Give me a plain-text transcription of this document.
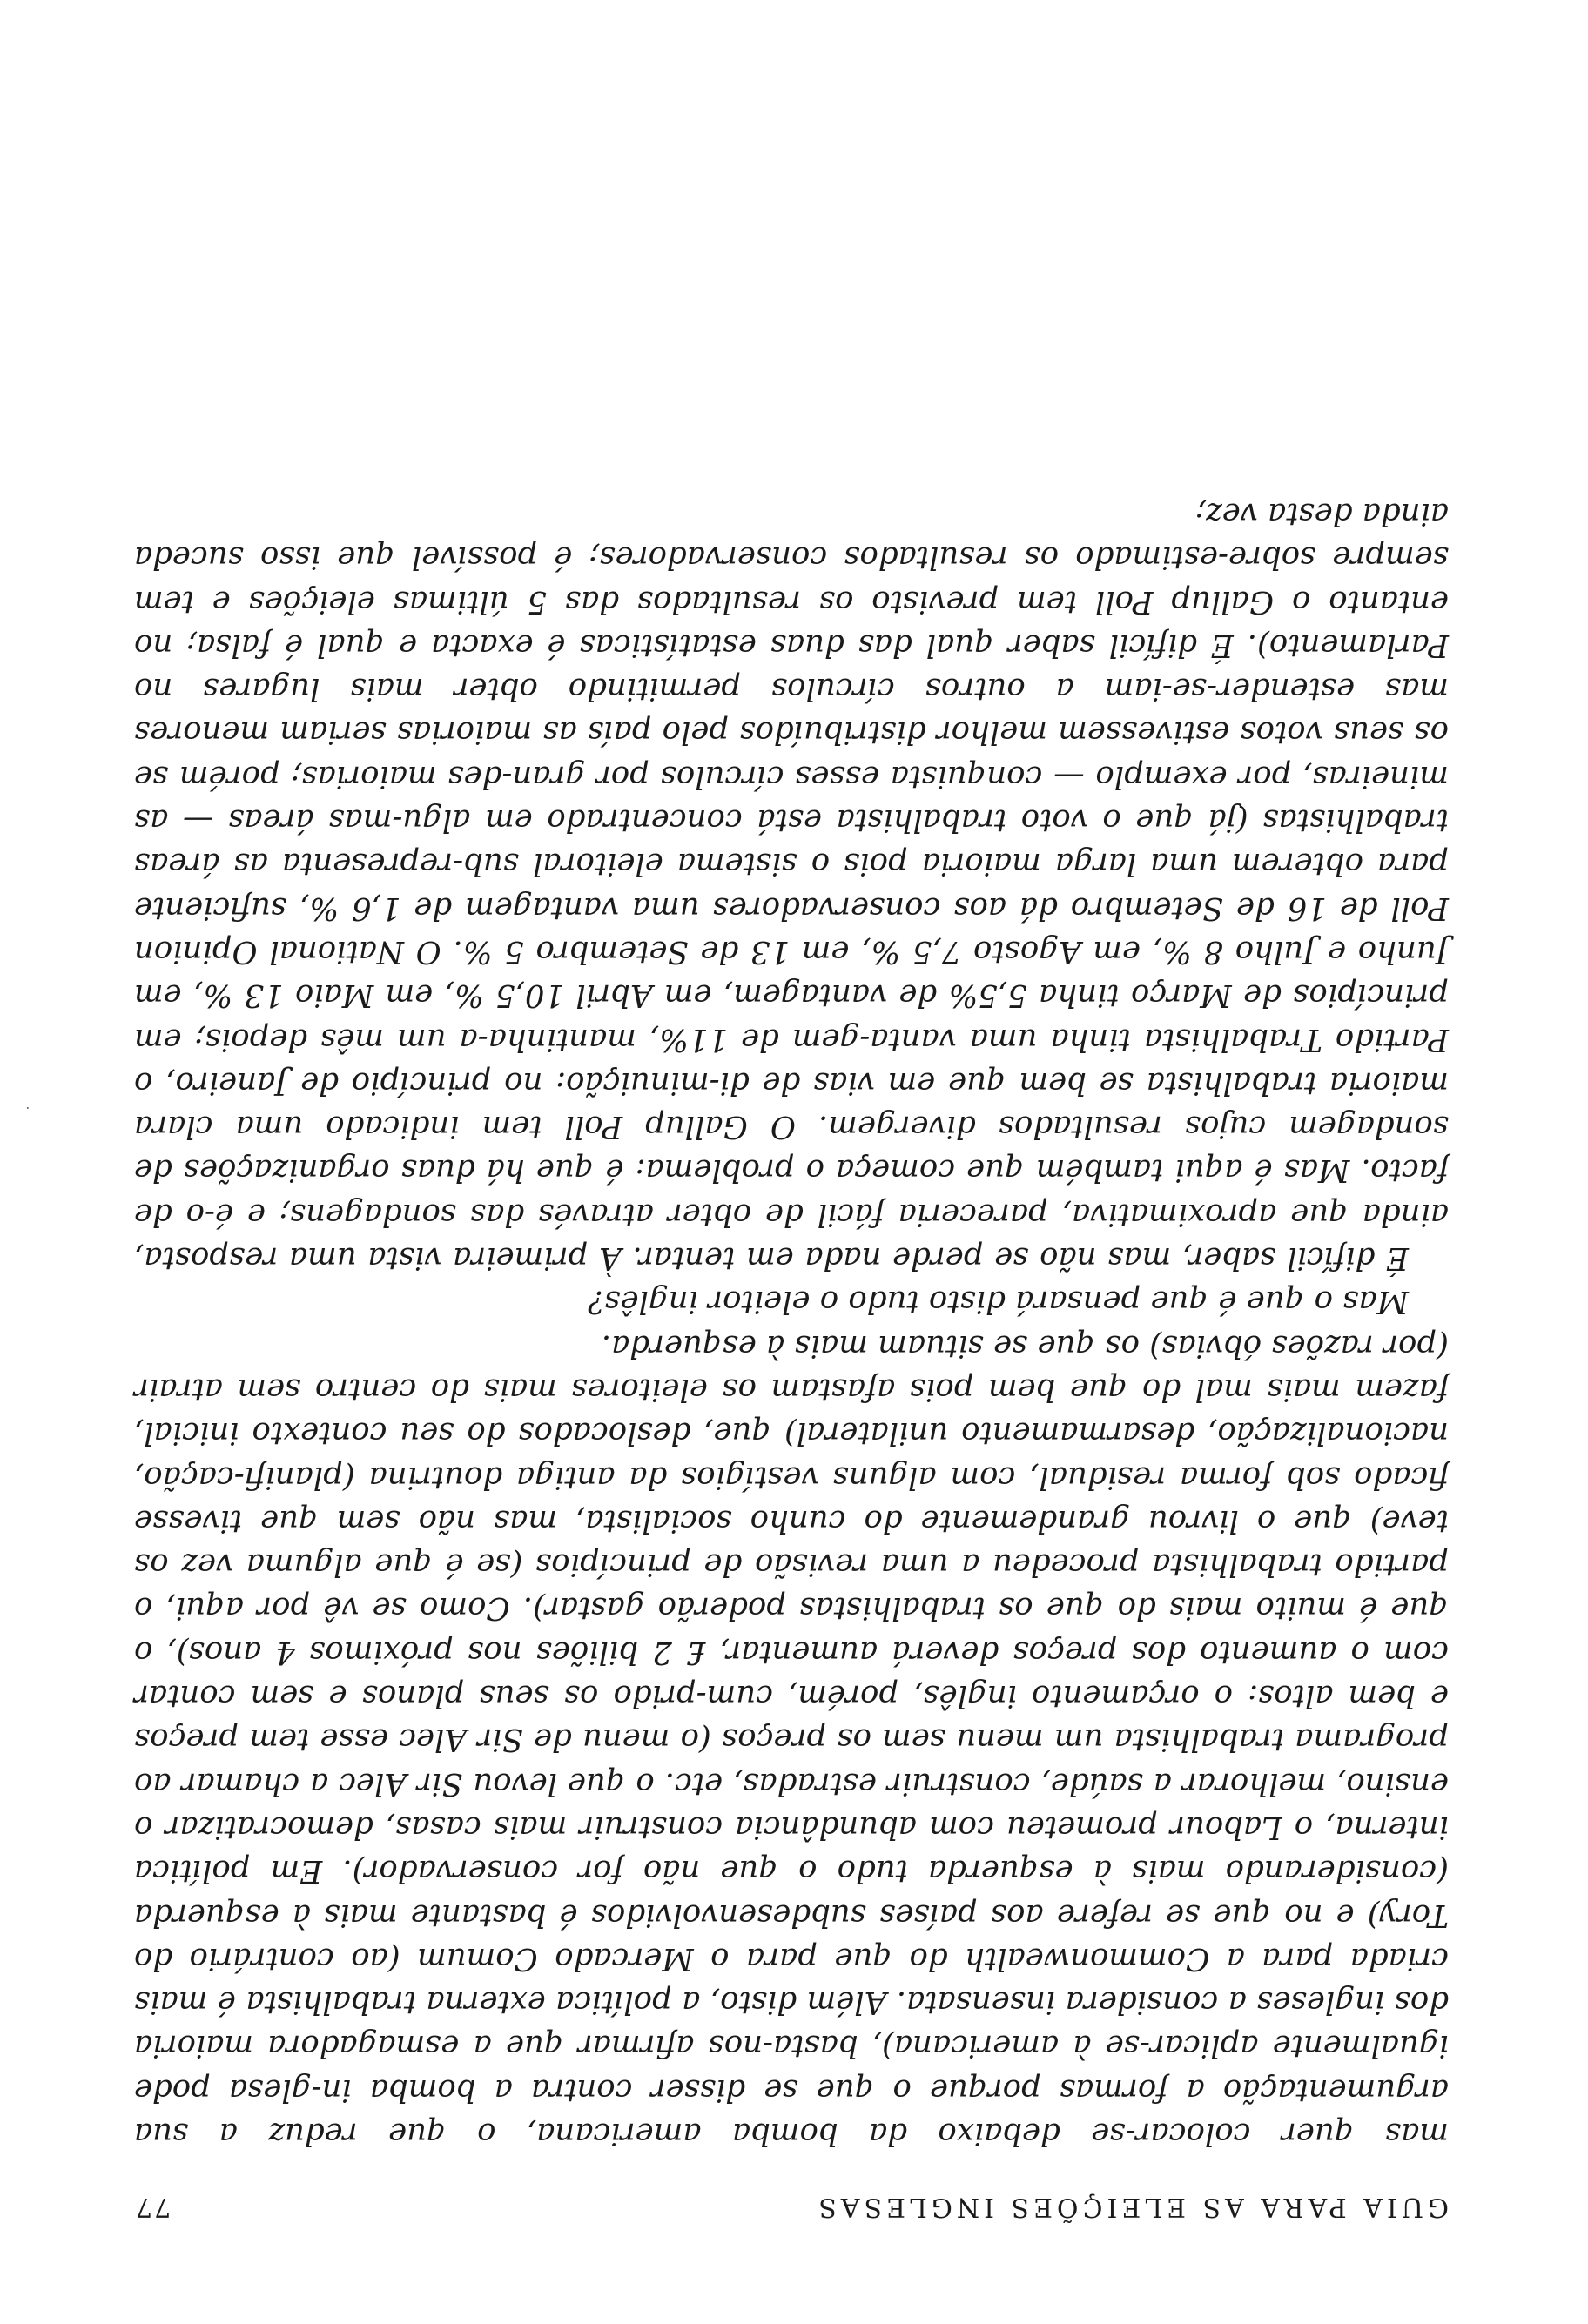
GUIA PARA AS ELEIÇÕES INGLESAS
77

mas quer colocar-se debaixo da bomba americana, o que reduz a sua argumentação a formas porque o que se disser contra a bomba in-glesa pode igualmente aplicar-se à americana), basta-nos afirmar que a esmagadora maioria dos ingleses a considera insensata. Além disto, a política externa trabalhista é mais criada para a Commonwealth do que para o Mercado Comum (ao contrário do Tory) e no que se refere aos países subdesenvolvidos é bastante mais à esquerda (considerando mais à esquerda tudo o que não for conservador). Em política interna, o Labour prometeu com abundância construir mais casas, democratizar o ensino, melhorar a saúde, construir estradas, etc. o que levou Sir Alec a chamar ao programa trabalhista um menu sem os preços (o menu de Sir Alec esse tem preços e bem altos: o orçamento inglês, porém, cum-prido os seus planos e sem contar com o aumento dos preços deverá aumentar, £ 2 biliões nos próximos 4 anos), o que é muito mais do que os trabalhistas poderão gastar). Como se vê por aqui, o partido trabalhista procedeu a uma revisão de princípios (se é que alguma vez os teve) que o livrou grandemente do cunho socialista, mas não sem que tivesse ficado sob forma residual, com alguns vestígios da antiga doutrina (planifi-cação, nacionalização, desarmamento unilateral) que, deslocados do seu contexto inicial, fazem mais mal do que bem pois afastam os eleitores mais do centro sem atrair (por razões óbvias) os que se situam mais à esquerda.

Mas o que é que pensará disto tudo o eleitor inglês?

É difícil saber, mas não se perde nada em tentar. À primeira vista uma resposta, ainda que aproximativa, pareceria fácil de obter através das sondagens; e é-o de facto. Mas é aqui também que começa o problema: é que há duas organizações de sondagem cujos resultados divergem. O Gallup Poll tem indicado uma clara maioria trabalhista se bem que em vias de di-minuição: no princípio de Janeiro, o Partido Trabalhista tinha uma vanta-gem de 11%, mantinha-a um mês depois; em princípios de Março tinha 5,5% de vantagem, em Abril 10,5 %, em Maio 13 %, em Junho e Julho 8 %, em Agosto 7,5 %, em 13 de Setembro 5 %. O National Opinion Poll de 16 de Setembro dá aos conservadores uma vantagem de 1,6 %, suficiente para obterem uma larga maioria pois o sistema eleitoral sub-representa as áreas trabalhistas (já que o voto trabalhista está concentrado em algu-mas áreas — as mineiras, por exemplo — conquista esses círculos por gran-des maiorias; porém se os seus votos estivessem melhor distribuídos pelo país as maiorias seriam menores mas estender-se-iam a outros círculos permitindo obter mais lugares no Parlamento). É difícil saber qual das duas estatísticas é exacta e qual é falsa; no entanto o Gallup Poll tem previsto os resultados das 5 últimas eleições e tem sempre sobre-estimado os resultados conservadores; é possível que isso suceda ainda desta vez;

·
